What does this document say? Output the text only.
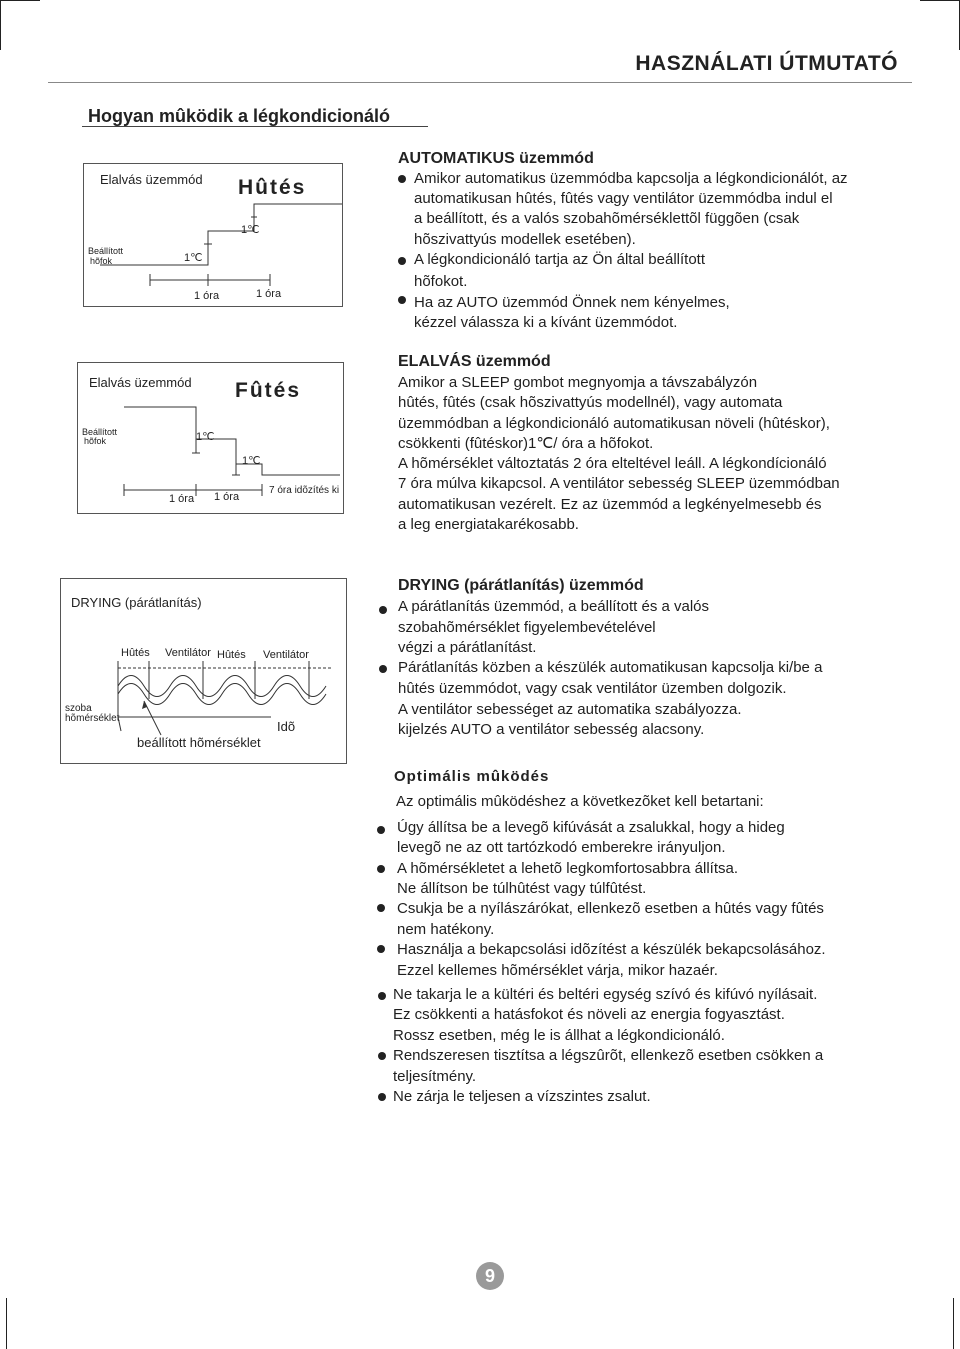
HASZNÁLATI ÚTMUTATÓ
Hogyan mûködik a légkondicionáló
Elalvás üzemmód Hûtés
Beállított
hõfok	1℃
1℃
1 óra	1 óra
Elalvás üzemmód Fûtés
Beállított
hõfok	1℃
1℃
1 óra 1 óra
7 óra idõzítés ki
DRYING (párátlanítás)
Hûtés Ventilátor Hûtés Ventilátor
szoba
hõmérséklet
Idõ
beállított hõmérséklet
AUTOMATIKUS üzemmód
Amikor automatikus üzemmódba kapcsolja a légkondicionálót, az
automatikusan hûtés, fûtés vagy ventilátor üzemmódba indul el
a beállított, és a valós szobahõmérséklettõl függõen (csak
hõszivattyús modellek esetében).
A légkondicionáló tartja az Ön által beállított
hõfokot.
Ha az AUTO üzemmód Önnek nem kényelmes,
kézzel válassza ki a kívánt üzemmódot.
ELALVÁS üzemmód
Amikor a SLEEP gombot megnyomja a távszabályzón
hûtés, fûtés (csak hõszivattyús modellnél), vagy automata
üzemmódban a légkondicionáló automatikusan növeli (hûtéskor),
csökkenti (fûtéskor)1℃/ óra a hõfokot.
A hõmérséklet változtatás 2 óra elteltével leáll. A légkondícionáló
7 óra múlva kikapcsol. A ventilátor sebesség SLEEP üzemmódban
automatikusan vezérelt. Ez az üzemmód a legkényelmesebb és
a leg energiatakarékosabb.
DRYING (párátlanítás) üzemmód
A párátlanítás üzemmód, a beállított és a valós
szobahõmérséklet figyelembevételével
végzi a párátlanítást.
Párátlanítás közben a készülék automatikusan kapcsolja ki/be a
hûtés üzemmódot, vagy csak ventilátor üzemben dolgozik.
A ventilátor sebességet az automatika szabályozza.
kijelzés AUTO a ventilátor sebesség alacsony.
Optimális mûködés
Az optimális mûködéshez a következõket kell betartani:
Úgy állítsa be a levegõ kifúvását a zsalukkal, hogy a hideg
levegõ ne az ott tartózkodó emberekre irányuljon.
A hõmérsékletet a lehetõ legkomfortosabbra állítsa.
Ne állítson be túlhûtést vagy túlfûtést.
Csukja be a nyílászárókat, ellenkezõ esetben a hûtés vagy fûtés
nem hatékony.
Használja a bekapcsolási idõzítést a készülék bekapcsolásához.
Ezzel kellemes hõmérséklet várja, mikor hazaér.
Ne takarja le a kültéri és beltéri egység szívó és kifúvó nyílásait.
Ez csökkenti a hatásfokot és növeli az energia fogyasztást.
Rossz esetben, még le is állhat a légkondicionáló.
Rendszeresen tisztítsa a légszûrõt, ellenkezõ esetben csökken a
teljesítmény.
Ne zárja le teljesen a vízszintes zsalut.
9
